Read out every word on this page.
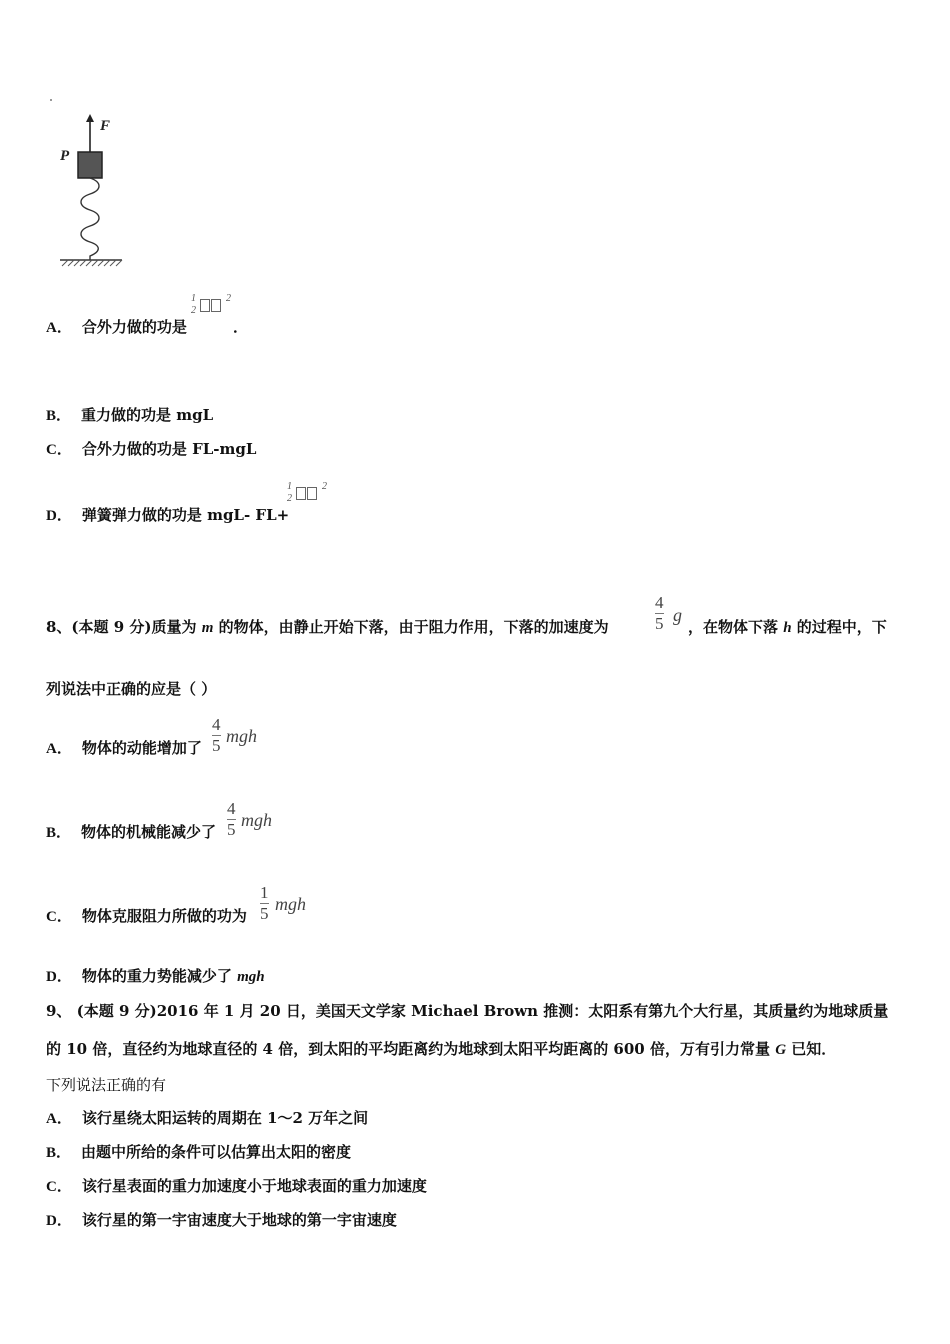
F
P
A． 合外力做的功是
1
2
2
．
B． 重力做的功是 mgL
C． 合外力做的功是 FL-mgL
D． 弹簧弹力做的功是 mgL- FL+
1
2
2
8、(本题 9 分)质量为 m 的物体，由静止开始下落，由于阻力作用，下落的加速度为
4
5 g
，在物体下落 h 的过程中，下
列说法中正确的应是（ ）
A． 物体的动能增加了
4
5 mgh
B． 物体的机械能减少了
4
5 mgh
C． 物体克服阻力所做的功为
1
5 mgh
D． 物体的重力势能减少了 mgh
9、 (本题 9 分)2016 年 1 月 20 日，美国天文学家 Michael Brown 推测：太阳系有第九个大行星，其质量约为地球质量
的 10 倍，直径约为地球直径的 4 倍，到太阳的平均距离约为地球到太阳平均距离的 600 倍，万有引力常量 G 已知．
下列说法正确的有
A． 该行星绕太阳运转的周期在 1～2 万年之间
B． 由题中所给的条件可以估算出太阳的密度
C． 该行星表面的重力加速度小于地球表面的重力加速度
D． 该行星的第一宇宙速度大于地球的第一宇宙速度
